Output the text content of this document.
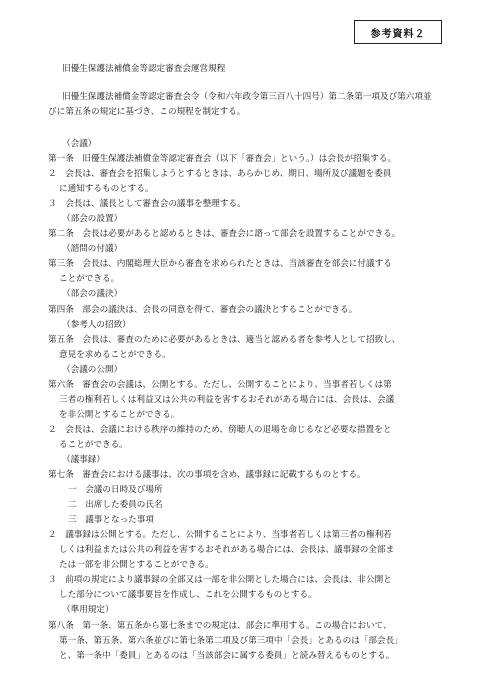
参考資料２
旧優生保護法補償金等認定審査会運営規程
旧優生保護法補償金等認定審査会令（令和六年政令第三百八十四号）第二条第一項及び第六項並びに第五条の規定に基づき、この規程を制定する。
（会議）
第一条　旧優生保護法補償金等認定審査会（以下「審査会」という。）は会長が招集する。
２　会長は、審査会を招集しようとするときは、あらかじめ、期日、場所及び議題を委員
に通知するものとする。
３　会長は、議長として審査会の議事を整理する。
（部会の設置）
第二条　会長は必要があると認めるときは、審査会に諮って部会を設置することができる。
（諮問の付議）
第三条　会長は、内閣総理大臣から審査を求められたときは、当該審査を部会に付議する
ことができる。
（部会の議決）
第四条　部会の議決は、会長の同意を得て、審査会の議決とすることができる。
（参考人の招致）
第五条　会長は、審査のために必要があるときは、適当と認める者を参考人として招致し、
意見を求めることができる。
（会議の公開）
第六条　審査会の会議は、公開とする。ただし、公開することにより、当事者若しくは第
三者の権利若しくは利益又は公共の利益を害するおそれがある場合には、会長は、会議
を非公開とすることができる。
２　会長は、会議における秩序の維持のため、傍聴人の退場を命じるなど必要な措置をと
ることができる。
（議事録）
第七条　審査会における議事は、次の事項を含め、議事録に記載するものとする。
一　会議の日時及び場所
二　出席した委員の氏名
三　議事となった事項
２　議事録は公開とする。ただし、公開することにより、当事者若しくは第三者の権利若
しくは利益または公共の利益を害するおそれがある場合には、会長は、議事録の全部ま
たは一部を非公開とすることができる。
３　前項の規定により議事録の全部又は一部を非公開とした場合には、会長は、非公開と
した部分について議事要旨を作成し、これを公開するものとする。
（準用規定）
第八条　第一条、第五条から第七条までの規定は、部会に準用する。この場合において、
第一条、第五条、第六条並びに第七条第二項及び第三項中「会長」とあるのは「部会長」
と、第一条中「委員」とあるのは「当該部会に属する委員」と読み替えるものとする。
